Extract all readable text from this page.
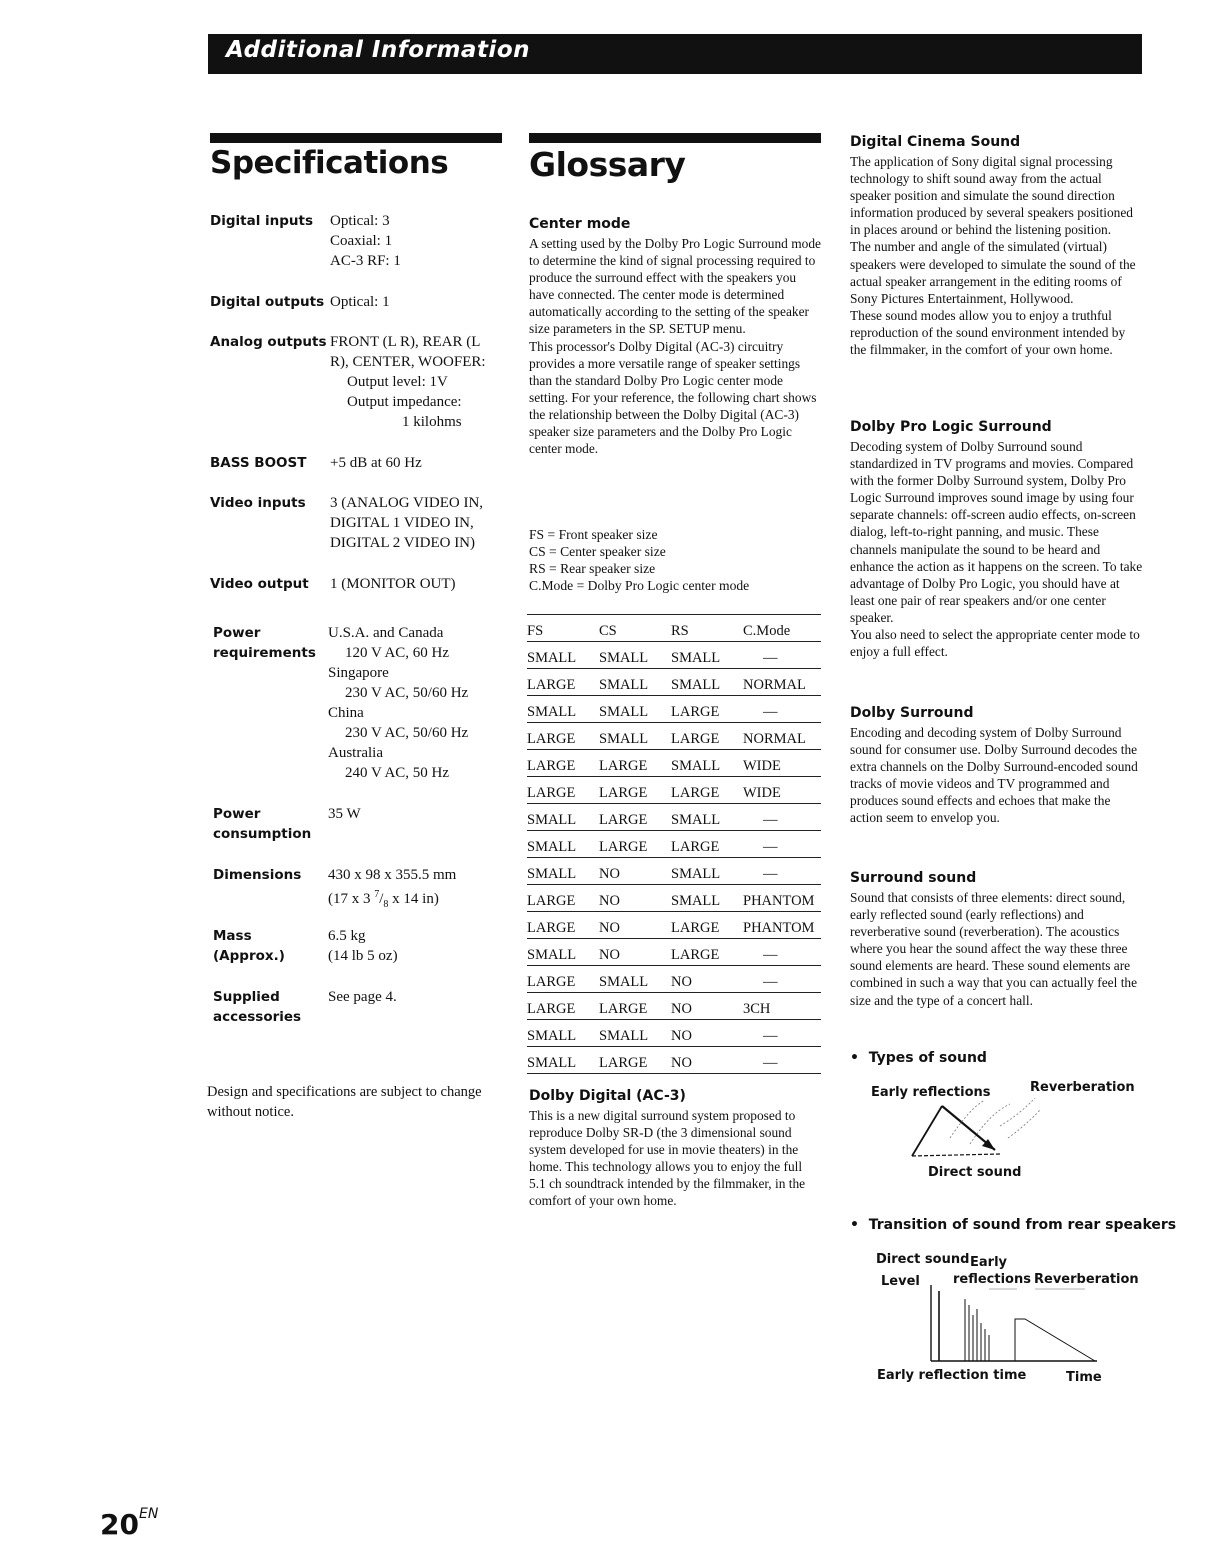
Additional Information
Specifications
Digital inputs	Optical: 3
Coaxial: 1
AC-3 RF: 1
Digital outputs Optical: 1
Analog outputs FRONT (L R), REAR (L
R), CENTER, WOOFER:
Output level: 1V
Output impedance:
1 kilohms
BASS BOOST	+5 dB at 60 Hz
Video inputs	3 (ANALOG VIDEO IN,
DIGITAL 1 VIDEO IN,
DIGITAL 2 VIDEO IN)
Video output	1 (MONITOR OUT)
Power requirements
U.S.A. and Canada
120 V AC, 60 Hz
Singapore
230 V AC, 50/60 Hz
China
230 V AC, 50/60 Hz
Australia
240 V AC, 50 Hz
Power consumption
35 W
Dimensions	430 x 98 x 355.5 mm
(17 x 3 $^7/_8$ x 14 in)
Mass (Approx.)
6.5 kg
(14 lb 5 oz)
Supplied accessories
See page 4.
Design and specifications are subject to change without notice.
Glossary
Center mode

A setting used by the Dolby Pro Logic Surround mode to determine the kind of signal processing required to produce the surround effect with the speakers you have connected. The center mode is determined automatically according to the setting of the speaker size parameters in the SP. SETUP menu.

This processor's Dolby Digital (AC-3) circuitry provides a more versatile range of speaker settings than the standard Dolby Pro Logic center mode setting. For your reference, the following chart shows the relationship between the Dolby Digital (AC-3) speaker size parameters and the Dolby Pro Logic center mode.

FS = Front speaker size
CS = Center speaker size
RS = Rear speaker size
C.Mode = Dolby Pro Logic center mode
FS	CS	RS	C.Mode
SMALL	SMALL	SMALL	—
LARGE	SMALL	SMALL	NORMAL
SMALL	SMALL	LARGE	—
LARGE	SMALL	LARGE	NORMAL
LARGE	LARGE	SMALL	WIDE
LARGE	LARGE	LARGE	WIDE
SMALL	LARGE	SMALL	—
SMALL	LARGE	LARGE	—
SMALL	NO	SMALL	—
LARGE	NO	SMALL	PHANTOM
LARGE	NO	LARGE	PHANTOM
SMALL	NO	LARGE	—
LARGE	SMALL	NO	—
LARGE	LARGE	NO	3CH
SMALL	SMALL	NO	—
SMALL	LARGE	NO	—
Dolby Digital (AC-3)
This is a new digital surround system proposed to reproduce Dolby SR-D (the 3 dimensional sound system developed for use in movie theaters) in the home. This technology allows you to enjoy the full 5.1 ch soundtrack intended by the filmmaker, in the comfort of your own home.
Digital Cinema Sound

The application of Sony digital signal processing technology to shift sound away from the actual speaker position and simulate the sound direction information produced by several speakers positioned in places around or behind the listening position.

The number and angle of the simulated (virtual) speakers were developed to simulate the sound of the actual speaker arrangement in the editing rooms of Sony Pictures Entertainment, Hollywood.

These sound modes allow you to enjoy a truthful reproduction of the sound environment intended by the filmmaker, in the comfort of your own home.

Dolby Pro Logic Surround

Decoding system of Dolby Surround sound standardized in TV programs and movies. Compared with the former Dolby Surround system, Dolby Pro Logic Surround improves sound image by using four separate channels: off-screen audio effects, on-screen dialog, left-to-right panning, and music. These channels manipulate the sound to be heard and enhance the action as it happens on the screen. To take advantage of Dolby Pro Logic, you should have at least one pair of rear speakers and/or one center speaker.

You also need to select the appropriate center mode to enjoy a full effect.

Dolby Surround
Encoding and decoding system of Dolby Surround sound for consumer use. Dolby Surround decodes the extra channels on the Dolby Surround-encoded sound tracks of movie videos and TV programmed and produces sound effects and echoes that make the action seem to envelop you.
Surround sound
Sound that consists of three elements: direct sound, early reflected sound (early reflections) and reverberative sound (reverberation). The acoustics where you hear the sound affect the way these three sound elements are heard. These sound elements are combined in such a way that you can actually feel the size and the type of a concert hall.
• Types of sound
Early reflections	Reverberation
Direct sound
• Transition of sound from rear speakers
Direct sound Early
Level	reflections Reverberation
Early reflection time	Time
$20^{EN}$
